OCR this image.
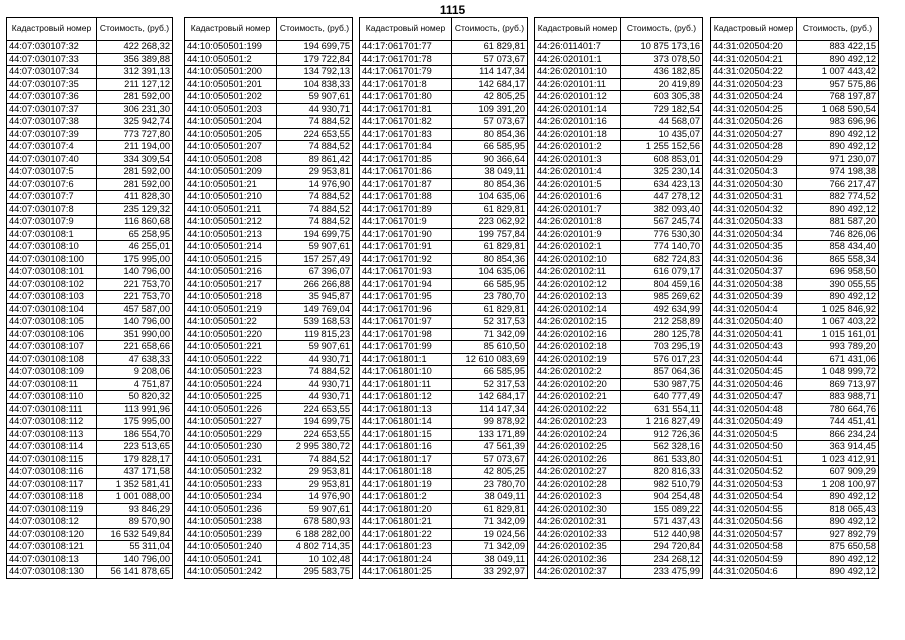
1115
Кадастровый номер	Стоимость, (руб.)
44:07:030107:32	422 268,32
44:07:030107:33	356 389,88
44:07:030107:34	312 391,13
44:07:030107:35	211 127,12
44:07:030107:36	281 592,00
44:07:030107:37	306 231,30
44:07:030107:38	325 942,74
44:07:030107:39	773 727,80
44:07:030107:4	211 194,00
44:07:030107:40	334 309,54
44:07:030107:5	281 592,00
44:07:030107:6	281 592,00
44:07:030107:7	411 828,30
44:07:030107:8	235 129,32
44:07:030107:9	116 860,68
44:07:030108:1	65 258,95
44:07:030108:10	46 255,01
44:07:030108:100	175 995,00
44:07:030108:101	140 796,00
44:07:030108:102	221 753,70
44:07:030108:103	221 753,70
44:07:030108:104	457 587,00
44:07:030108:105	140 796,00
44:07:030108:106	351 990,00
44:07:030108:107	221 658,66
44:07:030108:108	47 638,33
44:07:030108:109	9 208,06
44:07:030108:11	4 751,87
44:07:030108:110	50 820,32
44:07:030108:111	113 991,96
44:07:030108:112	175 995,00
44:07:030108:113	186 554,70
44:07:030108:114	223 513,65
44:07:030108:115	179 828,17
44:07:030108:116	437 171,58
44:07:030108:117	1 352 581,41
44:07:030108:118	1 001 088,00
44:07:030108:119	93 846,29
44:07:030108:12	89 570,90
44:07:030108:120	16 532 549,84
44:07:030108:121	55 311,04
44:07:030108:13	140 796,00
44:07:030108:130	56 141 878,65
Кадастровый номер	Стоимость, (руб.)
44:10:050501:199	194 699,75
44:10:050501:2	179 722,84
44:10:050501:200	134 792,13
44:10:050501:201	104 838,33
44:10:050501:202	59 907,61
44:10:050501:203	44 930,71
44:10:050501:204	74 884,52
44:10:050501:205	224 653,55
44:10:050501:207	74 884,52
44:10:050501:208	89 861,42
44:10:050501:209	29 953,81
44:10:050501:21	14 976,90
44:10:050501:210	74 884,52
44:10:050501:211	74 884,52
44:10:050501:212	74 884,52
44:10:050501:213	194 699,75
44:10:050501:214	59 907,61
44:10:050501:215	157 257,49
44:10:050501:216	67 396,07
44:10:050501:217	266 266,88
44:10:050501:218	35 945,87
44:10:050501:219	149 769,04
44:10:050501:22	539 168,53
44:10:050501:220	119 815,23
44:10:050501:221	59 907,61
44:10:050501:222	44 930,71
44:10:050501:223	74 884,52
44:10:050501:224	44 930,71
44:10:050501:225	44 930,71
44:10:050501:226	224 653,55
44:10:050501:227	194 699,75
44:10:050501:229	224 653,55
44:10:050501:230	2 995 380,72
44:10:050501:231	74 884,52
44:10:050501:232	29 953,81
44:10:050501:233	29 953,81
44:10:050501:234	14 976,90
44:10:050501:236	59 907,61
44:10:050501:238	678 580,93
44:10:050501:239	6 188 282,00
44:10:050501:240	4 802 714,35
44:10:050501:241	10 102,48
44:10:050501:242	295 583,75
Кадастровый номер	Стоимость, (руб.)
44:17:061701:77	61 829,81
44:17:061701:78	57 073,67
44:17:061701:79	114 147,34
44:17:061701:8	142 684,17
44:17:061701:80	42 805,25
44:17:061701:81	109 391,20
44:17:061701:82	57 073,67
44:17:061701:83	80 854,36
44:17:061701:84	66 585,95
44:17:061701:85	90 366,64
44:17:061701:86	38 049,11
44:17:061701:87	80 854,36
44:17:061701:88	104 635,06
44:17:061701:89	61 829,81
44:17:061701:9	223 062,92
44:17:061701:90	199 757,84
44:17:061701:91	61 829,81
44:17:061701:92	80 854,36
44:17:061701:93	104 635,06
44:17:061701:94	66 585,95
44:17:061701:95	23 780,70
44:17:061701:96	61 829,81
44:17:061701:97	52 317,53
44:17:061701:98	71 342,09
44:17:061701:99	85 610,50
44:17:061801:1	12 610 083,69
44:17:061801:10	66 585,95
44:17:061801:11	52 317,53
44:17:061801:12	142 684,17
44:17:061801:13	114 147,34
44:17:061801:14	99 878,92
44:17:061801:15	133 171,89
44:17:061801:16	47 561,39
44:17:061801:17	57 073,67
44:17:061801:18	42 805,25
44:17:061801:19	23 780,70
44:17:061801:2	38 049,11
44:17:061801:20	61 829,81
44:17:061801:21	71 342,09
44:17:061801:22	19 024,56
44:17:061801:23	71 342,09
44:17:061801:24	38 049,11
44:17:061801:25	33 292,97
Кадастровый номер	Стоимость, (руб.)
44:26:011401:7	10 875 173,16
44:26:020101:1	373 078,50
44:26:020101:10	436 182,85
44:26:020101:11	20 419,89
44:26:020101:12	603 305,38
44:26:020101:14	729 182,54
44:26:020101:16	44 568,07
44:26:020101:18	10 435,07
44:26:020101:2	1 255 152,56
44:26:020101:3	608 853,01
44:26:020101:4	325 230,14
44:26:020101:5	634 423,13
44:26:020101:6	447 278,12
44:26:020101:7	382 093,40
44:26:020101:8	567 245,74
44:26:020101:9	776 530,30
44:26:020102:1	774 140,70
44:26:020102:10	682 724,83
44:26:020102:11	616 079,17
44:26:020102:12	804 459,16
44:26:020102:13	985 269,62
44:26:020102:14	492 634,99
44:26:020102:15	212 258,89
44:26:020102:16	280 125,78
44:26:020102:18	703 295,19
44:26:020102:19	576 017,23
44:26:020102:2	857 064,36
44:26:020102:20	530 987,75
44:26:020102:21	640 777,49
44:26:020102:22	631 554,11
44:26:020102:23	1 216 827,49
44:26:020102:24	912 726,36
44:26:020102:25	562 328,16
44:26:020102:26	861 533,80
44:26:020102:27	820 816,33
44:26:020102:28	982 510,79
44:26:020102:3	904 254,48
44:26:020102:30	155 089,22
44:26:020102:31	571 437,43
44:26:020102:33	512 440,98
44:26:020102:35	294 720,84
44:26:020102:36	234 268,12
44:26:020102:37	233 475,99
Кадастровый номер	Стоимость, (руб.)
44:31:020504:20	883 422,15
44:31:020504:21	890 492,12
44:31:020504:22	1 007 443,42
44:31:020504:23	957 575,86
44:31:020504:24	768 197,87
44:31:020504:25	1 068 590,54
44:31:020504:26	983 696,96
44:31:020504:27	890 492,12
44:31:020504:28	890 492,12
44:31:020504:29	971 230,07
44:31:020504:3	974 198,38
44:31:020504:30	766 217,47
44:31:020504:31	882 774,52
44:31:020504:32	890 492,12
44:31:020504:33	881 587,20
44:31:020504:34	746 826,06
44:31:020504:35	858 434,40
44:31:020504:36	865 558,34
44:31:020504:37	696 958,50
44:31:020504:38	390 055,55
44:31:020504:39	890 492,12
44:31:020504:4	1 025 846,92
44:31:020504:40	1 067 403,22
44:31:020504:41	1 015 161,01
44:31:020504:43	993 789,20
44:31:020504:44	671 431,06
44:31:020504:45	1 048 999,72
44:31:020504:46	869 713,97
44:31:020504:47	883 988,71
44:31:020504:48	780 664,76
44:31:020504:49	744 451,41
44:31:020504:5	866 234,24
44:31:020504:50	363 914,45
44:31:020504:51	1 023 412,91
44:31:020504:52	607 909,29
44:31:020504:53	1 208 100,97
44:31:020504:54	890 492,12
44:31:020504:55	818 065,43
44:31:020504:56	890 492,12
44:31:020504:57	927 892,79
44:31:020504:58	875 650,58
44:31:020504:59	890 492,12
44:31:020504:6	890 492,12
